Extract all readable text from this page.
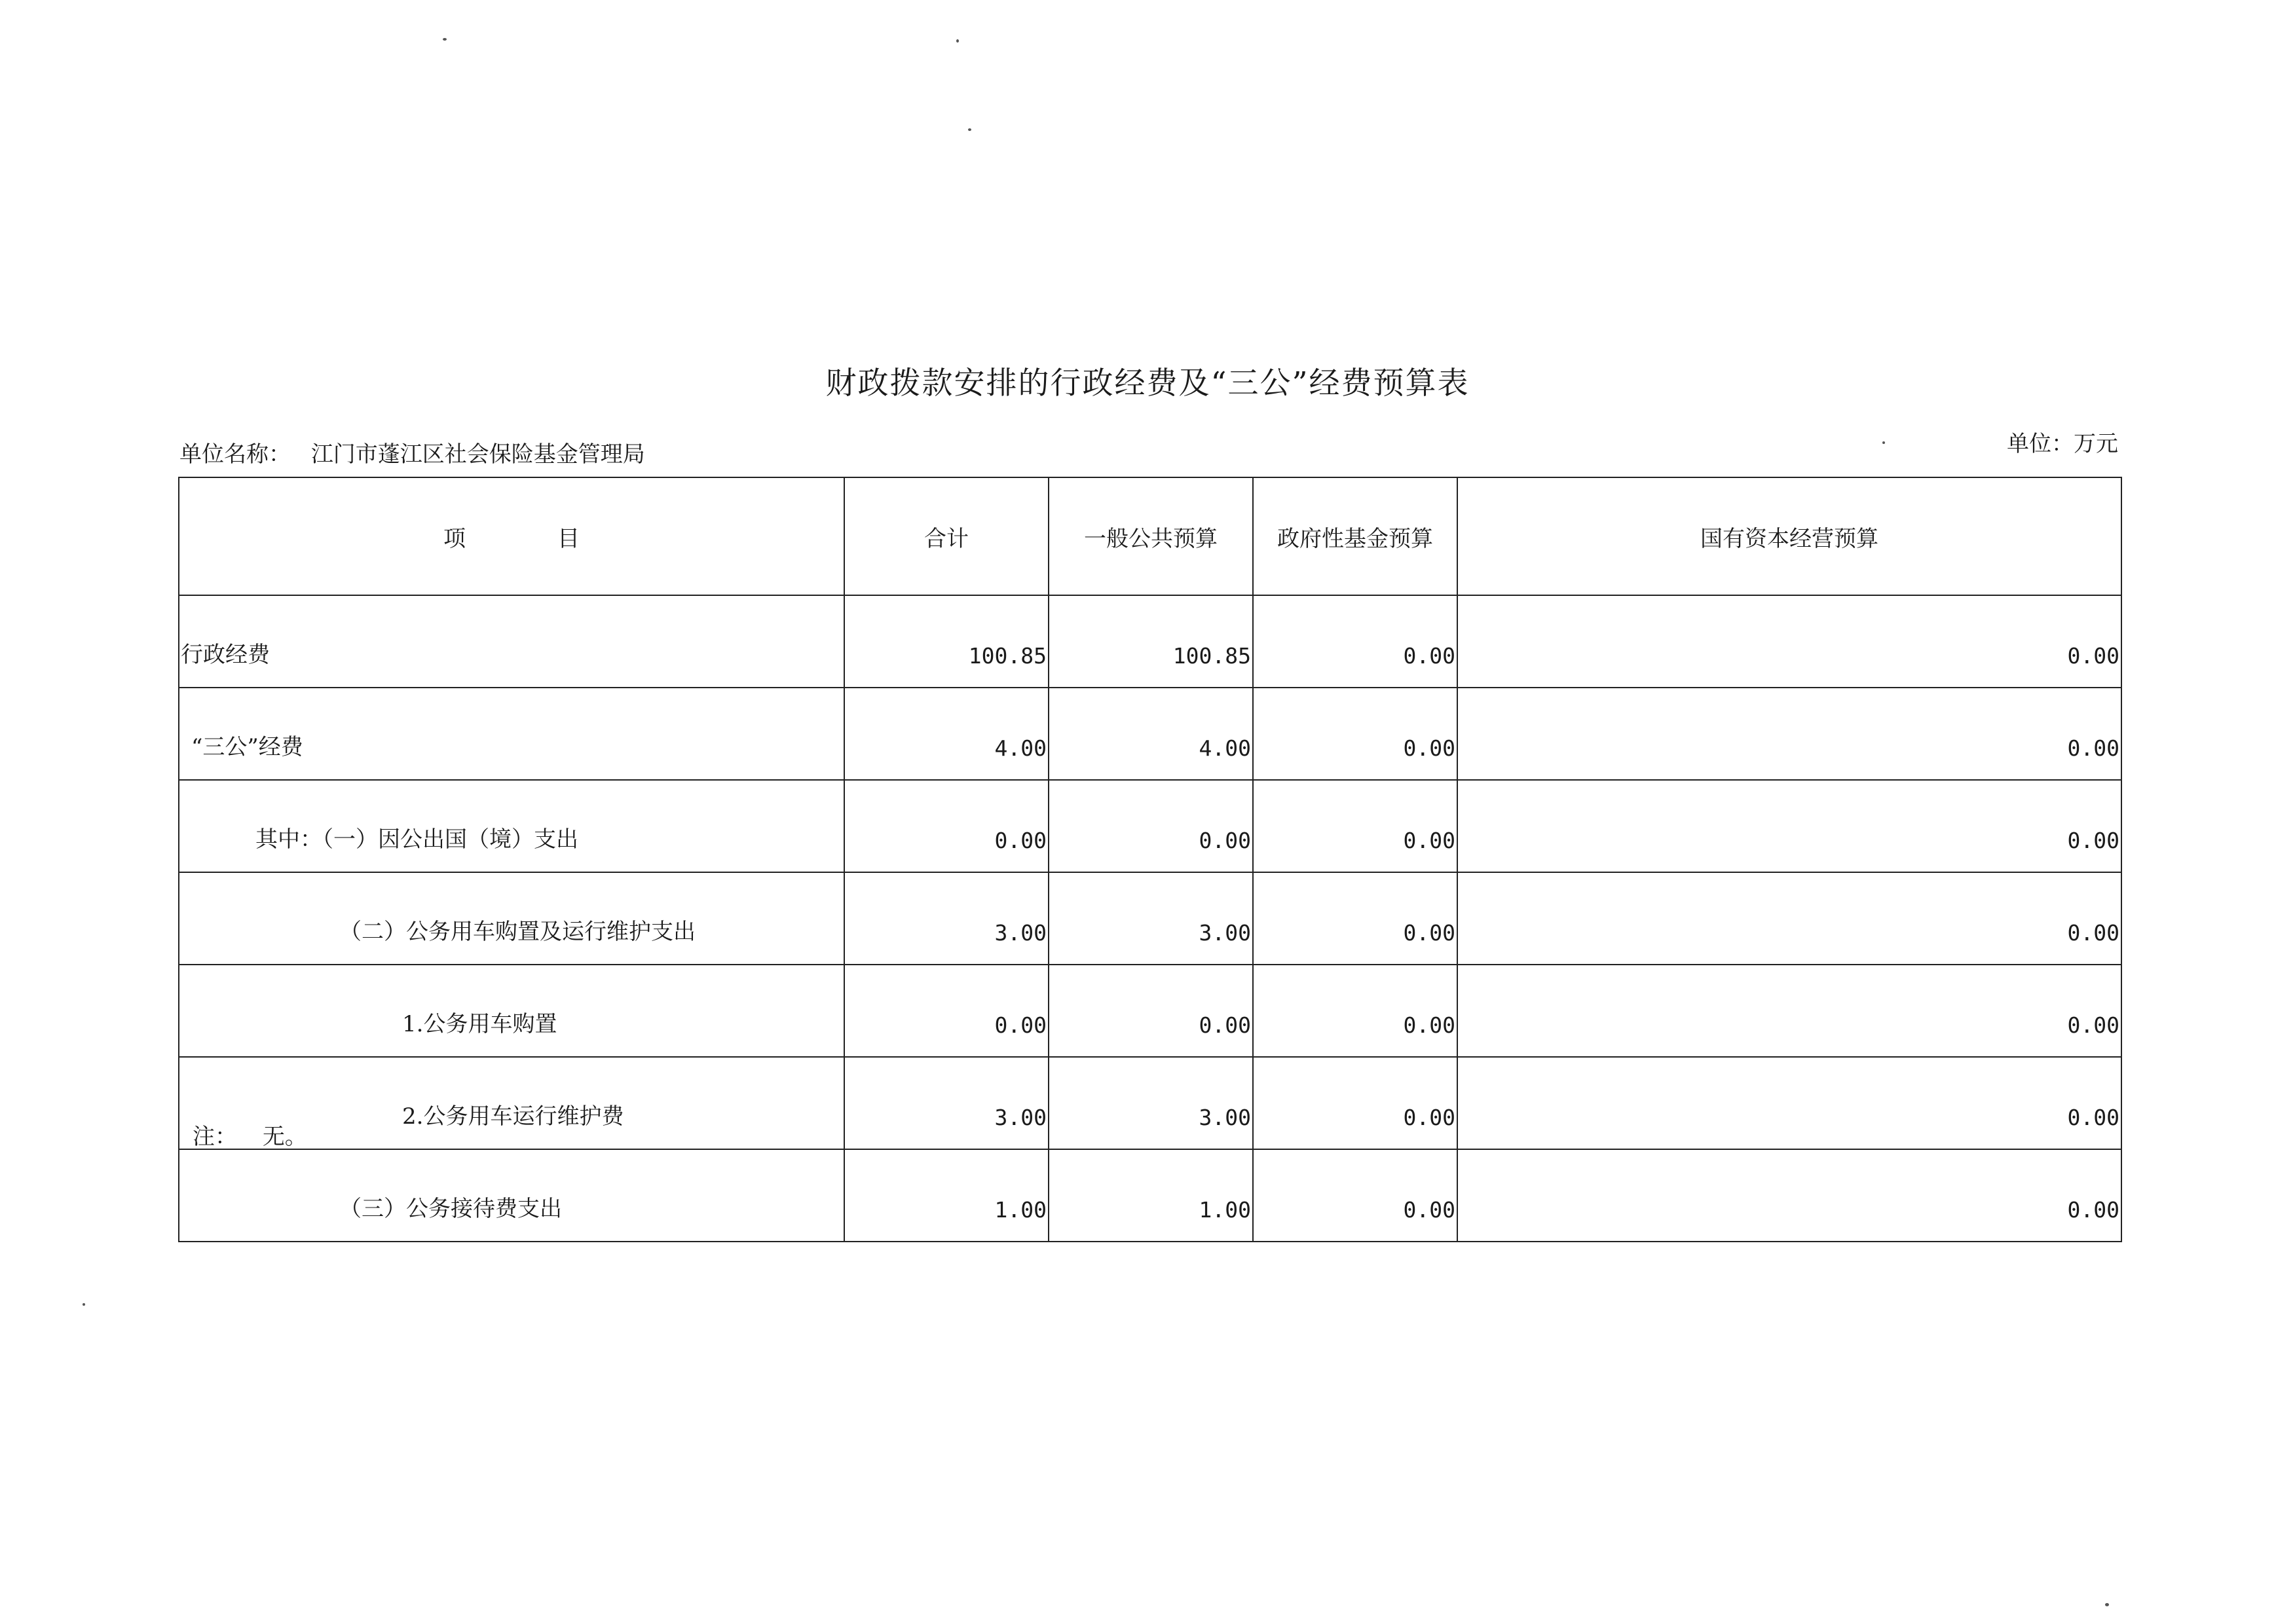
财政拨款安排的行政经费及“三公”经费预算表
单位名称： 江门市蓬江区社会保险基金管理局	单位：万元
项 目	合计	一般公共预算	政府性基金预算	国有资本经营预算
行政经费	100.85	100.85	0.00	0.00
“三公”经费	4.00	4.00	0.00	0.00
其中：（一）因公出国（境）支出	0.00	0.00	0.00	0.00
（二）公务用车购置及运行维护支出	3.00	3.00	0.00	0.00
1.公务用车购置	0.00	0.00	0.00	0.00
2.公务用车运行维护费	3.00	3.00	0.00	0.00
（三）公务接待费支出	1.00	1.00	0.00	0.00
注： 无。
